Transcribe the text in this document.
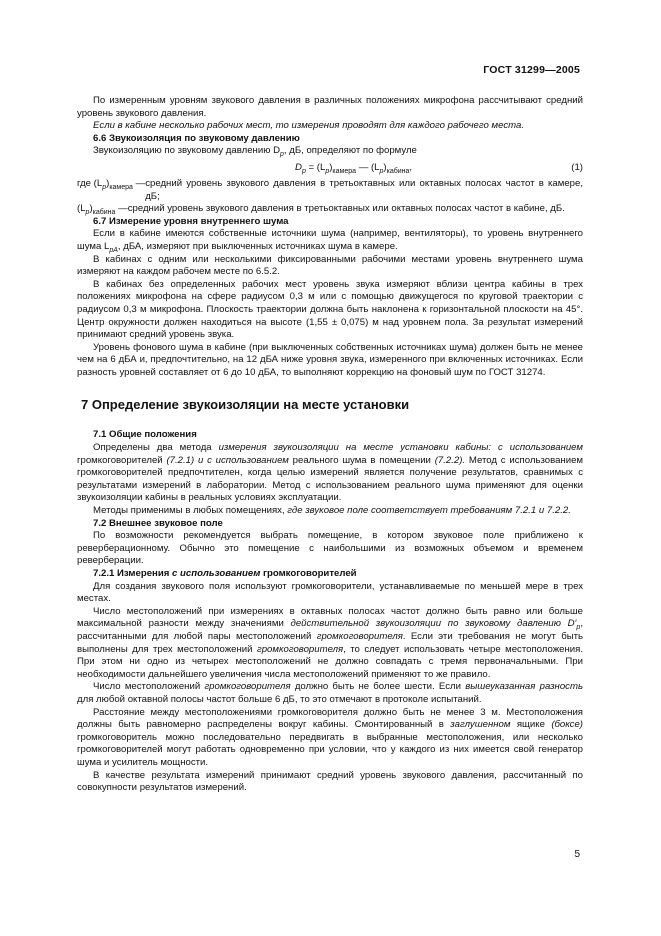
ГОСТ 31299—2005

По измеренным уровням звукового давления в различных положениях микрофона рассчитывают средний уровень звукового давления.

Если в кабине несколько рабочих мест, то измерения проводят для каждого рабочего места.

6.6 Звукоизоляция по звуковому давлению

Звукоизоляцию по звуковому давлению $D_p$, дБ, определяют по формуле

$D_p = (L_p)_{камера}$ — $(L_p)_{кабина}$,	(1)
где $(L_p)_{камера}$ — средний уровень звукового давления в третьоктавных или октавных полосах частот в камере, дБ;
$(L_p)_{кабина}$ — средний уровень звукового давления в третьоктавных или октавных полосах частот в кабине, дБ.

6.7 Измерение уровня внутреннего шума

Если в кабине имеются собственные источники шума (например, вентиляторы), то уровень внутреннего шума $L_{pA}$, дБА, измеряют при выключенных источниках шума в камере.

В кабинах с одним или несколькими фиксированными рабочими местами уровень внутреннего шума измеряют на каждом рабочем месте по 6.5.2.

В кабинах без определенных рабочих мест уровень звука измеряют вблизи центра кабины в трех положениях микрофона на сфере радиусом 0,3 м или с помощью движущегося по круговой траектории с радиусом 0,3 м микрофона. Плоскость траектории должна быть наклонена к горизонтальной плоскости на 45°. Центр окружности должен находиться на высоте (1,55 ± 0,075) м над уровнем пола. За результат измерений принимают средний уровень звука.

Уровень фонового шума в кабине (при выключенных собственных источниках шума) должен быть не менее чем на 6 дБА и, предпочтительно, на 12 дБА ниже уровня звука, измеренного при включенных источниках. Если разность уровней составляет от 6 до 10 дБА, то выполняют коррекцию на фоновый шум по ГОСТ 31274.

7 Определение звукоизоляции на месте установки

7.1 Общие положения

Определены два метода измерения звукоизоляции на месте установки кабины: с использованием громкоговорителей (7.2.1) и с использованием реального шума в помещении (7.2.2). Метод с использованием громкоговорителей предпочтителен, когда целью измерений является получение результатов, сравнимых с результатами измерений в лаборатории. Метод с использованием реального шума применяют для оценки звукоизоляции кабины в реальных условиях эксплуатации.

Методы применимы в любых помещениях, где звуковое поле соответствует требованиям 7.2.1 и 7.2.2.

7.2 Внешнее звуковое поле

По возможности рекомендуется выбрать помещение, в котором звуковое поле приближено к реверберационному. Обычно это помещение с наибольшими из возможных объемом и временем реверберации.

7.2.1 Измерения с использованием громкоговорителей

Для создания звукового поля используют громкоговорители, устанавливаемые по меньшей мере в трех местах.

Число местоположений при измерениях в октавных полосах частот должно быть равно или больше максимальной разности между значениями действительной звукоизоляции по звуковому давлению $D'_p$, рассчитанными для любой пары местоположений громкоговорителя. Если эти требования не могут быть выполнены для трех местоположений громкоговорителя, то следует использовать четыре местоположения. При этом ни одно из четырех местоположений не должно совпадать с тремя первоначальными. При необходимости дальнейшего увеличения числа местоположений применяют то же правило.

Число местоположений громкоговорителя должно быть не более шести. Если вышеуказанная разность для любой октавной полосы частот больше 6 дБ, то это отмечают в протоколе испытаний.

Расстояние между местоположениями громкоговорителя должно быть не менее 3 м. Местоположения должны быть равномерно распределены вокруг кабины. Смонтированный в заглушенном ящике (боксе) громкоговоритель можно последовательно передвигать в выбранные местоположения, или несколько громкоговорителей могут работать одновременно при условии, что у каждого из них имеется свой генератор шума и усилитель мощности.

В качестве результата измерений принимают средний уровень звукового давления, рассчитанный по совокупности результатов измерений.

5
